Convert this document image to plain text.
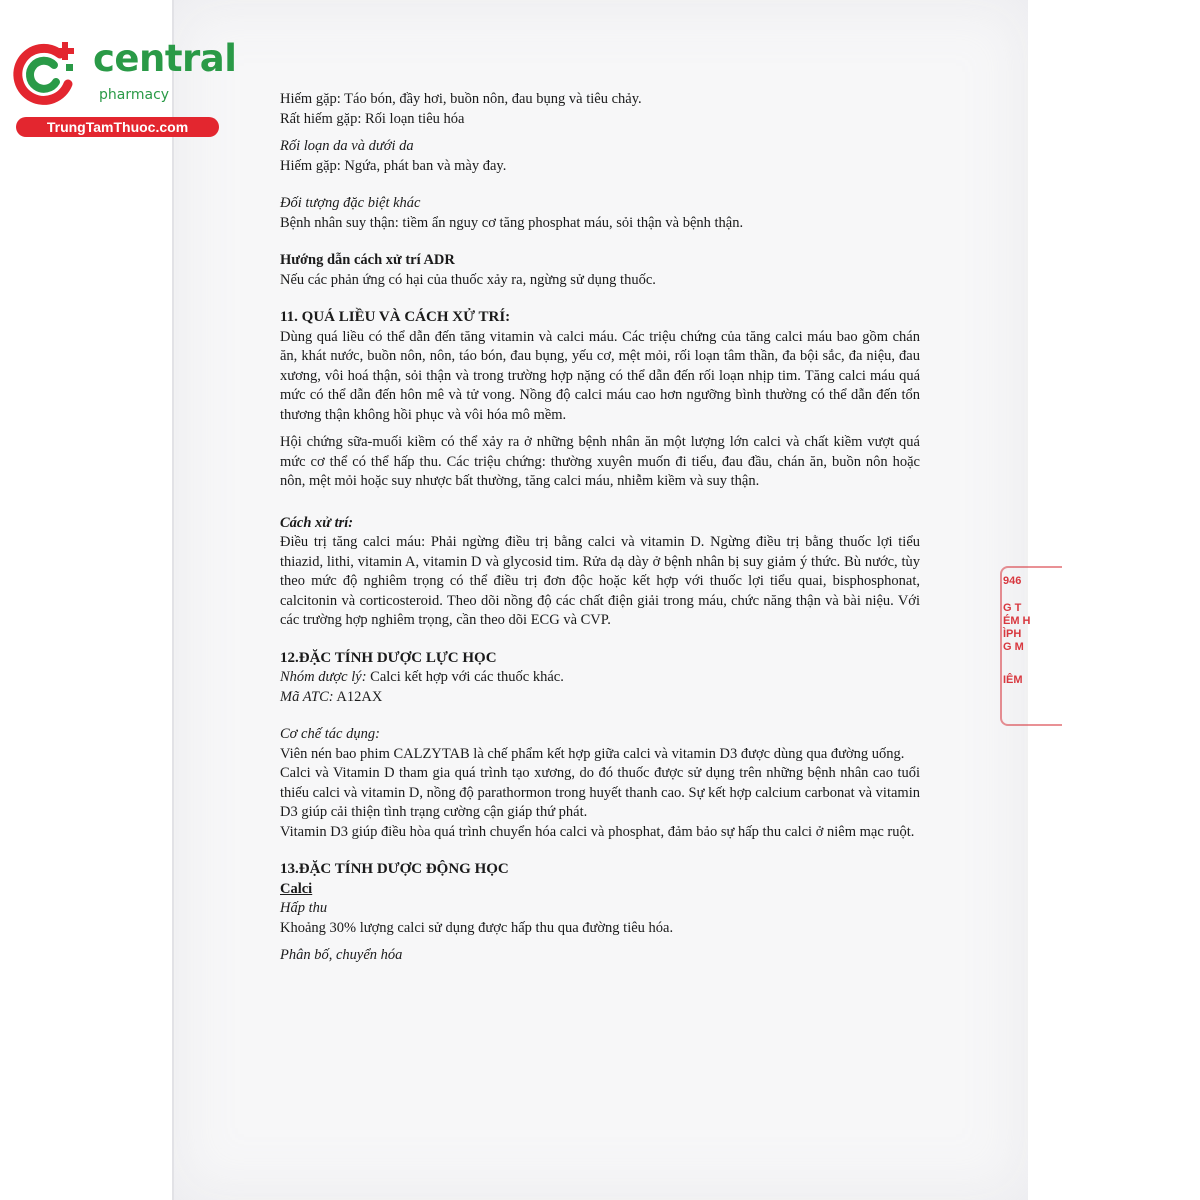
central
pharmacy
TrungTamThuoc.com

Hiếm gặp: Táo bón, đầy hơi, buồn nôn, đau bụng và tiêu chảy.

Rất hiếm gặp: Rối loạn tiêu hóa

Rối loạn da và dưới da

Hiếm gặp: Ngứa, phát ban và mày đay.

Đối tượng đặc biệt khác

Bệnh nhân suy thận: tiềm ẩn nguy cơ tăng phosphat máu, sỏi thận và bệnh thận.

Hướng dẫn cách xử trí ADR

Nếu các phản ứng có hại của thuốc xảy ra, ngừng sử dụng thuốc.

11. QUÁ LIỀU VÀ CÁCH XỬ TRÍ:

Dùng quá liều có thể dẫn đến tăng vitamin và calci máu. Các triệu chứng của tăng calci máu bao gồm chán ăn, khát nước, buồn nôn, nôn, táo bón, đau bụng, yếu cơ, mệt mỏi, rối loạn tâm thần, đa bội sắc, đa niệu, đau xương, vôi hoá thận, sỏi thận và trong trường hợp nặng có thể dẫn đến rối loạn nhịp tim. Tăng calci máu quá mức có thể dẫn đến hôn mê và tử vong. Nồng độ calci máu cao hơn ngưỡng bình thường có thể dẫn đến tổn thương thận không hồi phục và vôi hóa mô mềm.

Hội chứng sữa-muối kiềm có thể xảy ra ở những bệnh nhân ăn một lượng lớn calci và chất kiềm vượt quá mức cơ thể có thể hấp thu. Các triệu chứng: thường xuyên muốn đi tiểu, đau đầu, chán ăn, buồn nôn hoặc nôn, mệt mỏi hoặc suy nhược bất thường, tăng calci máu, nhiễm kiềm và suy thận.

Cách xử trí:

Điều trị tăng calci máu: Phải ngừng điều trị bằng calci và vitamin D. Ngừng điều trị bằng thuốc lợi tiểu thiazid, lithi, vitamin A, vitamin D và glycosid tim. Rửa dạ dày ở bệnh nhân bị suy giảm ý thức. Bù nước, tùy theo mức độ nghiêm trọng có thể điều trị đơn độc hoặc kết hợp với thuốc lợi tiểu quai, bisphosphonat, calcitonin và corticosteroid. Theo dõi nồng độ các chất điện giải trong máu, chức năng thận và bài niệu. Với các trường hợp nghiêm trọng, cần theo dõi ECG và CVP.

12.ĐẶC TÍNH DƯỢC LỰC HỌC

Nhóm dược lý: Calci kết hợp với các thuốc khác.

Mã ATC: A12AX

Cơ chế tác dụng:

Viên nén bao phim CALZYTAB là chế phẩm kết hợp giữa calci và vitamin D3 được dùng qua đường uống.

Calci và Vitamin D tham gia quá trình tạo xương, do đó thuốc được sử dụng trên những bệnh nhân cao tuổi thiếu calci và vitamin D, nồng độ parathormon trong huyết thanh cao. Sự kết hợp calcium carbonat và vitamin D3 giúp cải thiện tình trạng cường cận giáp thứ phát.

Vitamin D3 giúp điều hòa quá trình chuyển hóa calci và phosphat, đảm bảo sự hấp thu calci ở niêm mạc ruột.

13.ĐẶC TÍNH DƯỢC ĐỘNG HỌC

Calci

Hấp thu

Khoảng 30% lượng calci sử dụng được hấp thu qua đường tiêu hóa.

Phân bố, chuyển hóa

946
G T
ÉM H
ÌPH
G M
IÊM
